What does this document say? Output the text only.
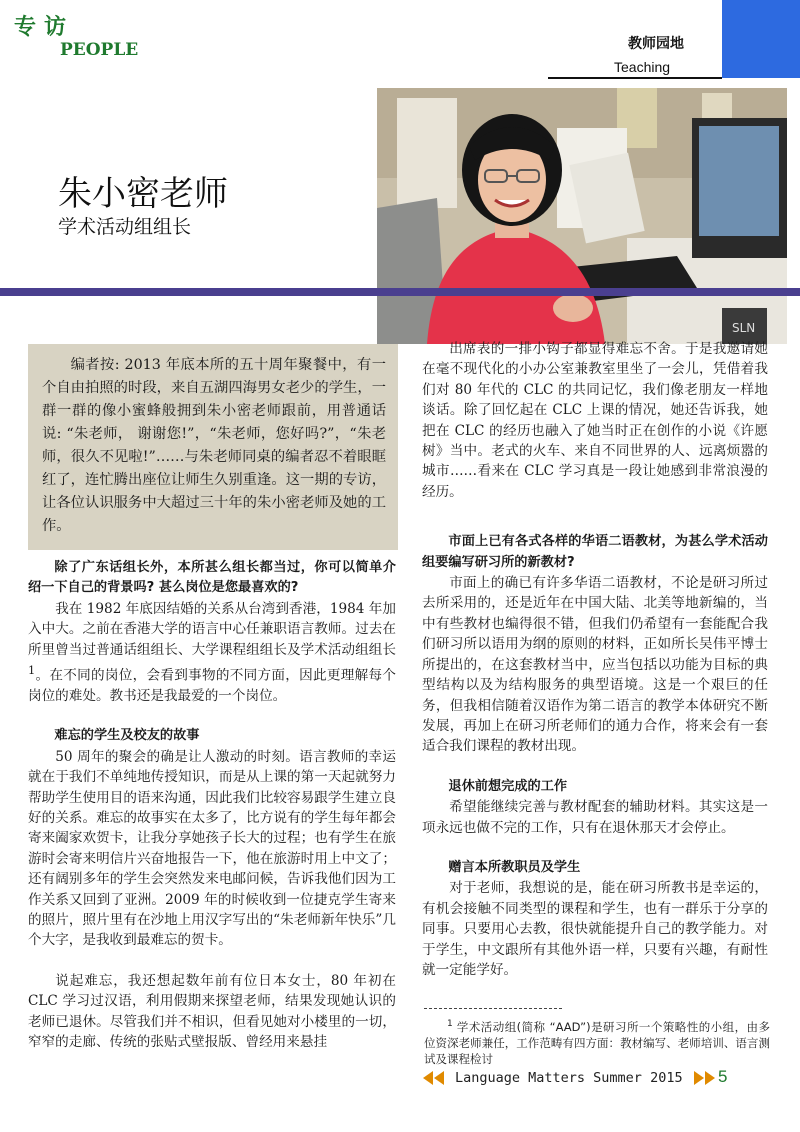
专访
PEOPLE	教师园地
Teaching
SLN
朱小密老师
学术活动组组长
编者按: 2013 年底本所的五十周年聚餐中，有一个自由拍照的时段，来自五湖四海男女老少的学生，一群一群的像小蜜蜂般拥到朱小密老师跟前，用普通话说: “朱老师， 谢谢您!”，“朱老师，您好吗?”，“朱老师，很久不见啦!”……与朱老师同桌的编者忍不着眼眶红了，连忙腾出座位让师生久别重逢。这一期的专访，让各位认识服务中大超过三十年的朱小密老师及她的工作。

除了广东话组长外，本所甚么组长都当过，你可以简单介绍一下自己的背景吗? 甚么岗位是您最喜欢的?

我在 1982 年底因结婚的关系从台湾到香港，1984 年加入中大。之前在香港大学的语言中心任兼职语言教师。过去在所里曾当过普通话组组长、大学课程组组长及学术活动组组长 $^1$。在不同的岗位，会看到事物的不同方面，因此更理解每个岗位的难处。教书还是我最爱的一个岗位。

难忘的学生及校友的故事

50 周年的聚会的确是让人激动的时刻。语言教师的幸运就在于我们不单纯地传授知识，而是从上课的第一天起就努力帮助学生使用目的语来沟通，因此我们比较容易跟学生建立良好的关系。难忘的故事实在太多了，比方说有的学生每年都会寄来阖家欢贺卡，让我分享她孩子长大的过程；也有学生在旅游时会寄来明信片兴奋地报告一下，他在旅游时用上中文了；还有阔别多年的学生会突然发来电邮问候，告诉我他们因为工作关系又回到了亚洲。2009 年的时候收到一位捷克学生寄来的照片，照片里有在沙地上用汉字写出的“朱老师新年快乐”几个大字，是我收到最难忘的贺卡。

说起难忘，我还想起数年前有位日本女士，80 年初在 CLC 学习过汉语，利用假期来探望老师，结果发现她认识的老师已退休。尽管我们并不相识，但看见她对小楼里的一切，窄窄的走廊、传统的张贴式壁报版、曾经用来悬挂

出席表的一排小钩子都显得难忘不舍。于是我邀请她在毫不现代化的小办公室兼教室里坐了一会儿，凭借着我们对 80 年代的 CLC 的共同记忆，我们像老朋友一样地谈话。除了回忆起在 CLC 上课的情况，她还告诉我，她把在 CLC 的经历也融入了她当时正在创作的小说《许愿树》当中。老式的火车、来自不同世界的人、远离烦嚣的城市……看来在 CLC 学习真是一段让她感到非常浪漫的经历。

市面上已有各式各样的华语二语教材，为甚么学术活动组要编写研习所的新教材?

市面上的确已有许多华语二语教材，不论是研习所过去所采用的，还是近年在中国大陆、北美等地新编的，当中有些教材也编得很不错，但我们仍希望有一套能配合我们研习所以语用为纲的原则的材料，正如所长吴伟平博士所提出的，在这套教材当中，应当包括以功能为目标的典型结构以及为结构服务的典型语境。这是一个艰巨的任务，但我相信随着汉语作为第二语言的教学本体研究不断发展，再加上在研习所老师们的通力合作，将来会有一套适合我们课程的教材出现。

退休前想完成的工作

希望能继续完善与教材配套的辅助材料。其实这是一项永远也做不完的工作，只有在退休那天才会停止。

赠言本所教职员及学生

对于老师，我想说的是，能在研习所教书是幸运的，有机会接触不同类型的课程和学生，也有一群乐于分享的同事。只要用心去教，很快就能提升自己的教学能力。对于学生，中文跟所有其他外语一样，只要有兴趣，有耐性就一定能学好。

$^1$ 学术活动组(简称 “AAD”)是研习所一个策略性的小组，由多位资深老师兼任，工作范畴有四方面：教材编写、老师培训、语言测试及课程检讨
Language Matters Summer 2015 5
